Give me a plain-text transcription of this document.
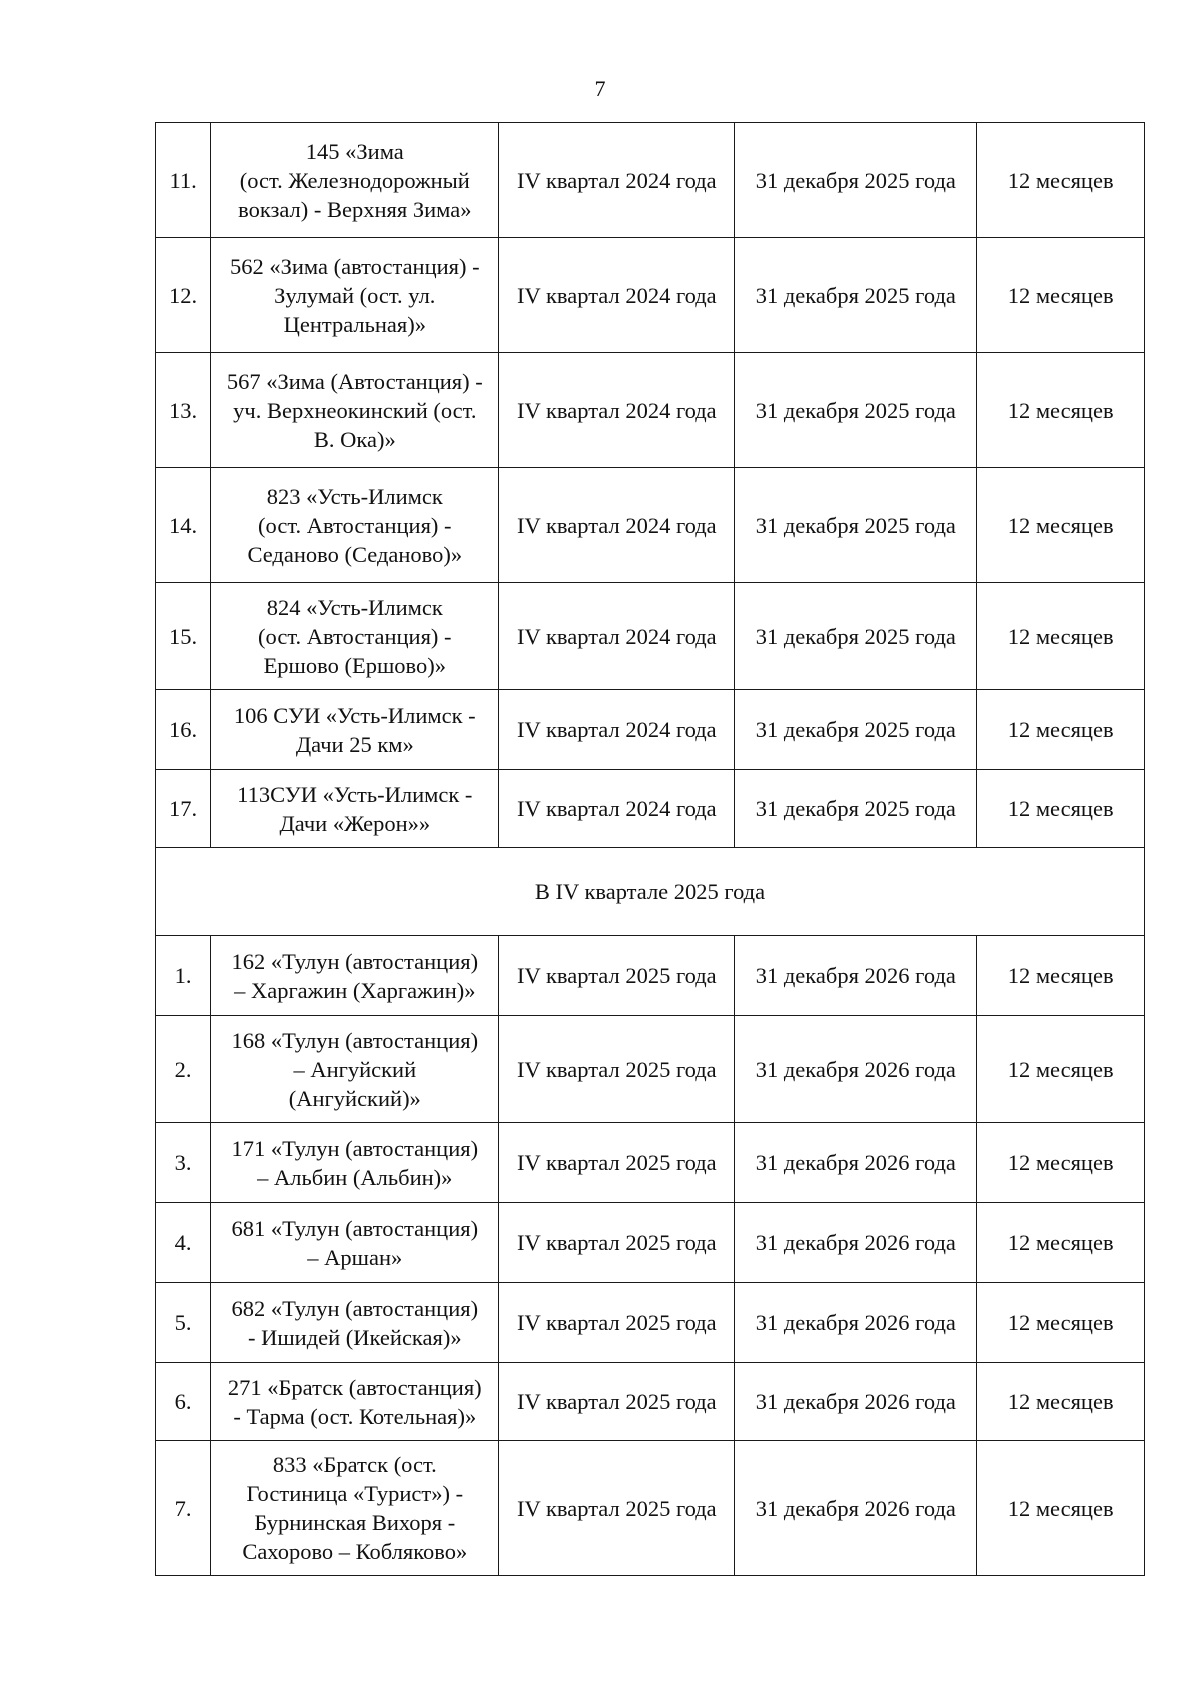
7
11.	145 «Зима
(ост. Железнодорожный
вокзал) - Верхняя Зима»	IV квартал 2024 года	31 декабря 2025 года	12 месяцев
12.	562 «Зима (автостанция) -
Зулумай (ост. ул.
Центральная)»	IV квартал 2024 года	31 декабря 2025 года	12 месяцев
13.	567 «Зима (Автостанция) -
уч. Верхнеокинский (ост.
В. Ока)»	IV квартал 2024 года	31 декабря 2025 года	12 месяцев
14.	823 «Усть-Илимск
(ост. Автостанция) -
Седаново (Седаново)»	IV квартал 2024 года	31 декабря 2025 года	12 месяцев
15.	824 «Усть-Илимск
(ост. Автостанция) -
Ершово (Ершово)»	IV квартал 2024 года	31 декабря 2025 года	12 месяцев
16.	106 СУИ «Усть-Илимск -
Дачи 25 км»	IV квартал 2024 года	31 декабря 2025 года	12 месяцев
17.	113СУИ «Усть-Илимск -
Дачи «Жерон»»	IV квартал 2024 года	31 декабря 2025 года	12 месяцев
В IV квартале 2025 года				
1.	162 «Тулун (автостанция)
– Харгажин (Харгажин)»	IV квартал 2025 года	31 декабря 2026 года	12 месяцев
2.	168 «Тулун (автостанция)
– Ангуйский
(Ангуйский)»	IV квартал 2025 года	31 декабря 2026 года	12 месяцев
3.	171 «Тулун (автостанция)
– Альбин (Альбин)»	IV квартал 2025 года	31 декабря 2026 года	12 месяцев
4.	681 «Тулун (автостанция)
– Аршан»	IV квартал 2025 года	31 декабря 2026 года	12 месяцев
5.	682 «Тулун (автостанция)
- Ишидей (Икейская)»	IV квартал 2025 года	31 декабря 2026 года	12 месяцев
6.	271 «Братск (автостанция)
- Тарма (ост. Котельная)»	IV квартал 2025 года	31 декабря 2026 года	12 месяцев
7.	833 «Братск (ост.
Гостиница «Турист») -
Бурнинская Вихоря -
Сахорово – Кобляково»	IV квартал 2025 года	31 декабря 2026 года	12 месяцев
